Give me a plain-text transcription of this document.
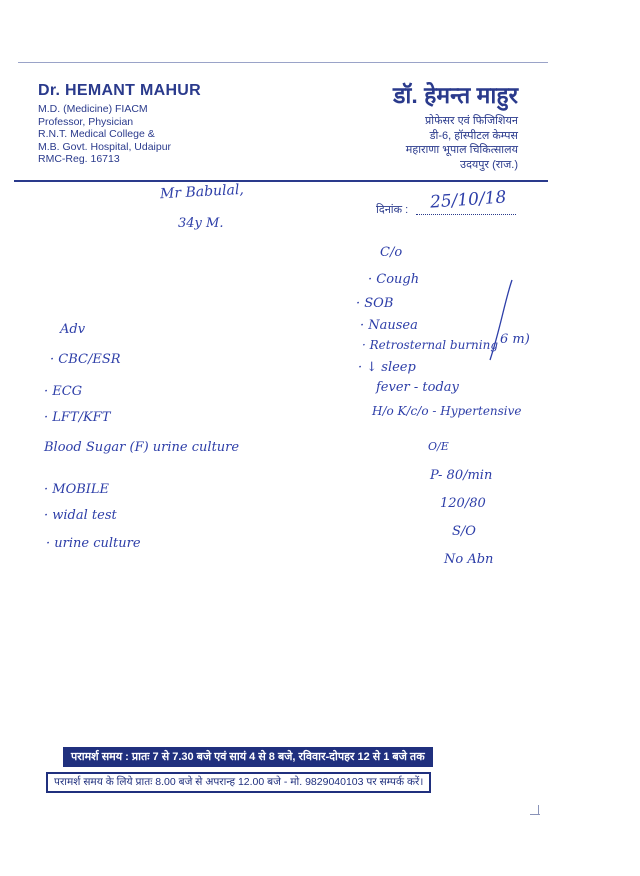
Dr. HEMANT MAHUR
M.D. (Medicine) FIACM
Professor, Physician
R.N.T. Medical College &
M.B. Govt. Hospital, Udaipur
RMC-Reg. 16713
डॉ. हेमन्त माहुर
प्रोफेसर एवं फिजिशियन
डी-6, हॉस्पीटल केम्पस
महाराणा भूपाल चिकित्सालय
उदयपुर (राज.)
दिनांक : 25/10/18
Mr Babulal,
34y M.
C/o
· Cough
· SOB
· Nausea
· Retrosternal burning
· ↓ sleep
6 m)
fever - today
H/o K/c/o - Hypertensive
O/E
P- 80/min
120/80
S/O
No Abn
Adv
· CBC/ESR
· ECG
· LFT/KFT
Blood Sugar (F) urine culture
· MOBILE
· widal test
· urine culture
परामर्श समय : प्रातः 7 से 7.30 बजे एवं सायं 4 से 8 बजे, रविवार-दोपहर 12 से 1 बजे तक
परामर्श समय के लिये प्रातः 8.00 बजे से अपरान्ह 12.00 बजे - मो. 9829040103 पर सम्पर्क करें।
